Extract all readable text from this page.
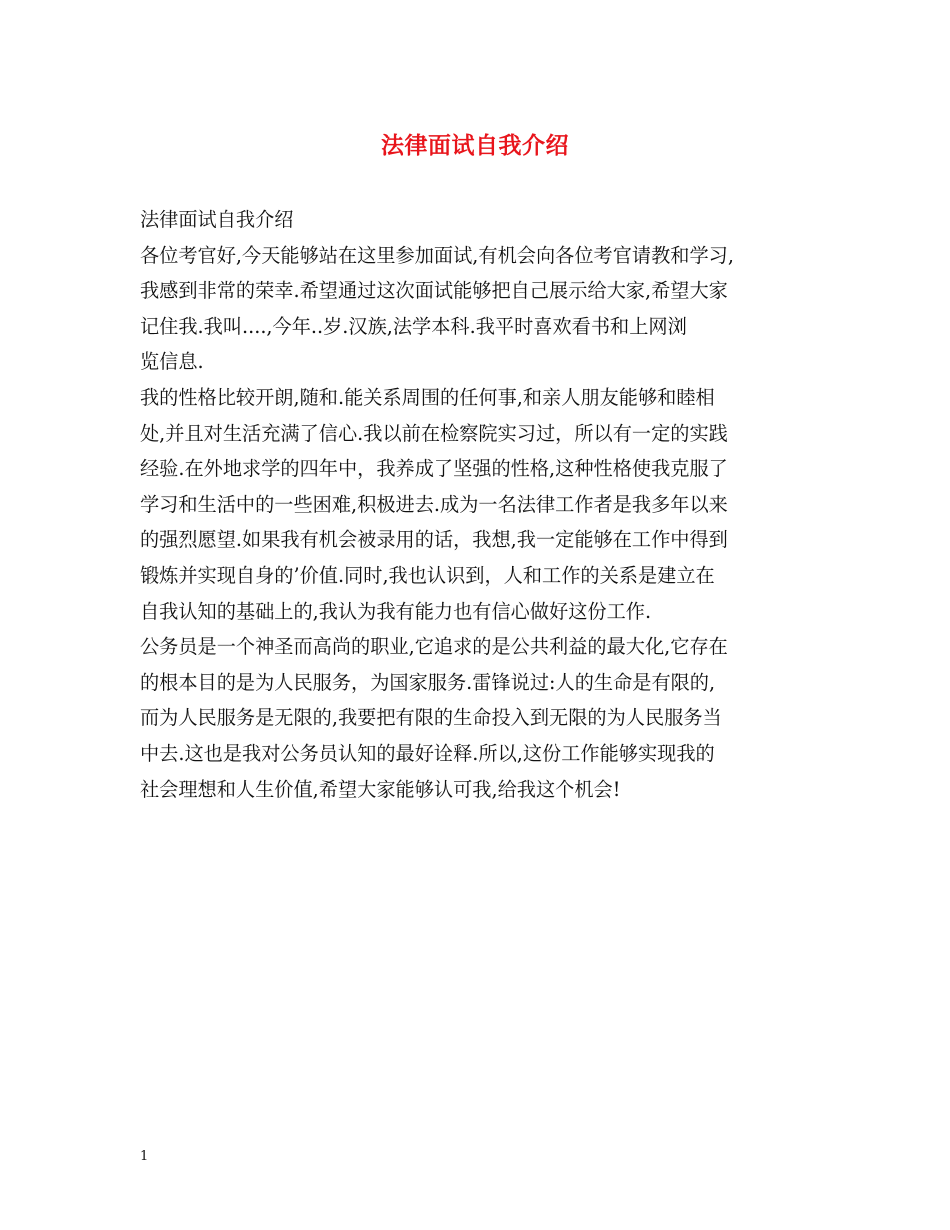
法律面试自我介绍
法律面试自我介绍
各位考官好,今天能够站在这里参加面试,有机会向各位考官请教和学习,
我感到非常的荣幸.希望通过这次面试能够把自己展示给大家,希望大家
记住我.我叫....,今年..岁.汉族,法学本科.我平时喜欢看书和上网浏
览信息.
我的性格比较开朗,随和.能关系周围的任何事,和亲人朋友能够和睦相
处,并且对生活充满了信心.我以前在检察院实习过，所以有一定的实践
经验.在外地求学的四年中，我养成了坚强的性格,这种性格使我克服了
学习和生活中的一些困难,积极进去.成为一名法律工作者是我多年以来
的强烈愿望.如果我有机会被录用的话，我想,我一定能够在工作中得到
锻炼并实现自身的’价值.同时,我也认识到，人和工作的关系是建立在
自我认知的基础上的,我认为我有能力也有信心做好这份工作.
公务员是一个神圣而高尚的职业,它追求的是公共利益的最大化,它存在
的根本目的是为人民服务，为国家服务.雷锋说过:人的生命是有限的,
而为人民服务是无限的,我要把有限的生命投入到无限的为人民服务当
中去.这也是我对公务员认知的最好诠释.所以,这份工作能够实现我的
社会理想和人生价值,希望大家能够认可我,给我这个机会!
1
